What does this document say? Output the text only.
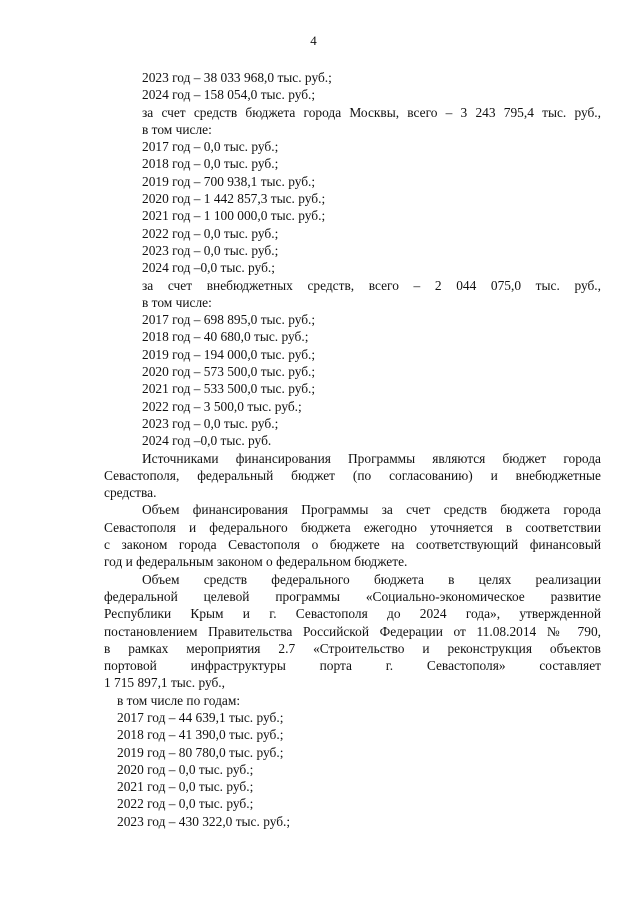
4
2023 год – 38 033 968,0 тыс. руб.;
2024 год – 158 054,0 тыс. руб.;
за счет средств бюджета города Москвы, всего – 3 243 795,4 тыс. руб.,
в том числе:
2017 год – 0,0 тыс. руб.;
2018 год – 0,0 тыс. руб.;
2019 год – 700 938,1 тыс. руб.;
2020 год – 1 442 857,3 тыс. руб.;
2021 год – 1 100 000,0 тыс. руб.;
2022 год – 0,0 тыс. руб.;
2023 год – 0,0 тыс. руб.;
2024 год –0,0 тыс. руб.;
за счет внебюджетных средств, всего – 2 044 075,0 тыс. руб.,
в том числе:
2017 год – 698 895,0 тыс. руб.;
2018 год – 40 680,0 тыс. руб.;
2019 год – 194 000,0 тыс. руб.;
2020 год – 573 500,0 тыс. руб.;
2021 год – 533 500,0 тыс. руб.;
2022 год – 3 500,0 тыс. руб.;
2023 год – 0,0 тыс. руб.;
2024 год –0,0 тыс. руб.
Источниками финансирования Программы являются бюджет города
Севастополя, федеральный бюджет (по согласованию) и внебюджетные
средства.
Объем финансирования Программы за счет средств бюджета города
Севастополя и федерального бюджета ежегодно уточняется в соответствии
с законом города Севастополя о бюджете на соответствующий финансовый
год и федеральным законом о федеральном бюджете.
Объем средств федерального бюджета в целях реализации
федеральной целевой программы «Социально-экономическое развитие
Республики Крым и г. Севастополя до 2024 года», утвержденной
постановлением Правительства Российской Федерации от 11.08.2014 № 790,
в рамках мероприятия 2.7 «Строительство и реконструкция объектов
портовой инфраструктуры порта г. Севастополя» составляет
1 715 897,1 тыс. руб.,
в том числе по годам:
2017 год – 44 639,1 тыс. руб.;
2018 год – 41 390,0 тыс. руб.;
2019 год – 80 780,0 тыс. руб.;
2020 год – 0,0 тыс. руб.;
2021 год – 0,0 тыс. руб.;
2022 год – 0,0 тыс. руб.;
2023 год – 430 322,0 тыс. руб.;
